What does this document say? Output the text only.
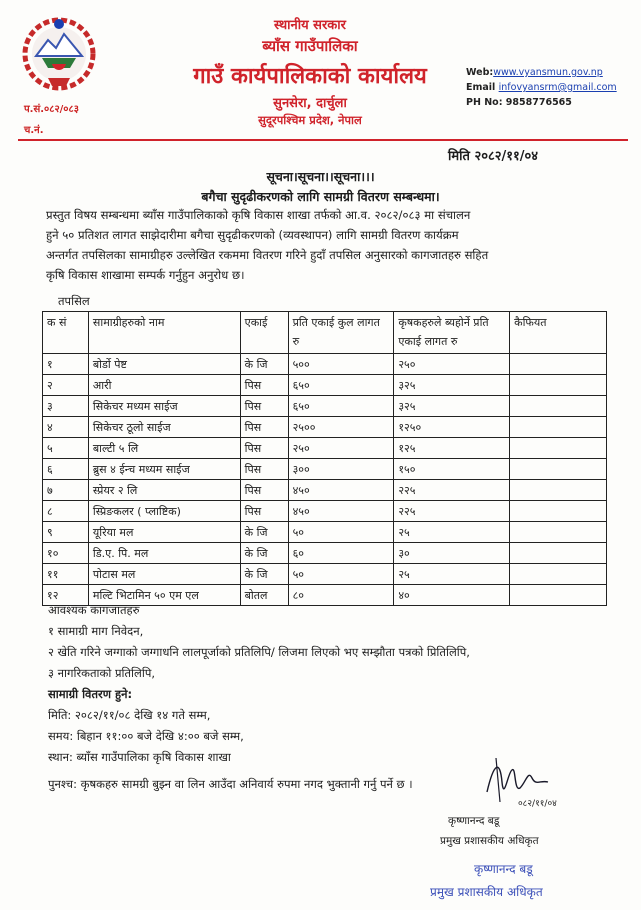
प.सं.०८२/०८३
च.नं.
स्थानीय सरकार
ब्याँस गाउँपालिका
गाउँ कार्यपालिकाको कार्यालय
सुनसेरा, दार्चुला
सुदूरपश्चिम प्रदेश, नेपाल
Web:www.vyansmun.gov.np
Email infovyansrm@gmail.com
PH No: 9858776565
मिति २०८२/११/०४
सूचना।सूचना।।सूचना।।।
बगैचा सुदृढीकरणको लागि सामग्री वितरण सम्बन्धमा।
प्रस्तुत विषय सम्बन्धमा ब्याँस गाउँपालिकाको कृषि विकास शाखा तर्फको आ.व. २०८२/०८३ मा संचालन
हुने ५० प्रतिशत लागत साझेदारीमा बगैचा सुदृढीकरणको (व्यवस्थापन) लागि सामग्री वितरण कार्यक्रम
अन्तर्गत तपसिलका सामाग्रीहरु उल्लेखित रकममा वितरण गरिने हुदाँ तपसिल अनुसारको कागजातहरु सहित
कृषि विकास शाखामा सम्पर्क गर्नुहुन अनुरोध छ।
तपसिल
क सं	सामाग्रीहरुको नाम	एकाई	प्रति एकाई कुल लागत रु	कृषकहरुले ब्यहोर्ने प्रति एकाई लागत रु	कैफियत
१	बोर्डो पेष्ट	के जि	५००	२५०	
२	आरी	पिस	६५०	३२५	
३	सिकेचर मध्यम साईज	पिस	६५०	३२५	
४	सिकेचर ठूलो साईज	पिस	२५००	१२५०	
५	बाल्टी ५ लि	पिस	२५०	१२५	
६	ब्रुस ४ ईन्च मध्यम साईज	पिस	३००	१५०	
७	स्प्रेयर २ लि	पिस	४५०	२२५	
८	स्प्रिङकलर ( प्लाष्टिक)	पिस	४५०	२२५	
९	यूरिया मल	के जि	५०	२५	
१०	डि.ए. पि. मल	के जि	६०	३०	
११	पोटास मल	के जि	५०	२५	
१२	मल्टि भिटामिन ५० एम एल	बोतल	८०	४०	
आवश्यक कागजातहरु
१ सामाग्री माग निवेदन,
२ खेति गरिने जग्गाको जग्गाधनि लालपूर्जाको प्रतिलिपि/ लिजमा लिएको भए सम्झौता पत्रको प्रितिलिपि,
३ नागरिकताको प्रतिलिपि,
सामाग्री वितरण हुने:
मिति: २०८२/११/०८ देखि १४ गते सम्म,
समय: बिहान ११:०० बजे देखि ४:०० बजे सम्म,
स्थान: ब्याँस गाउँपालिका कृषि विकास शाखा
पुनश्च: कृषकहरु सामग्री बुझ्न वा लिन आउँदा अनिवार्य रुपमा नगद भुक्तानी गर्नु पर्ने छ ।
०८२/११/०४
कृष्णानन्द बडू
प्रमुख प्रशासकीय अधिकृत
कृष्णानन्द बडू
प्रमुख प्रशासकीय अधिकृत
